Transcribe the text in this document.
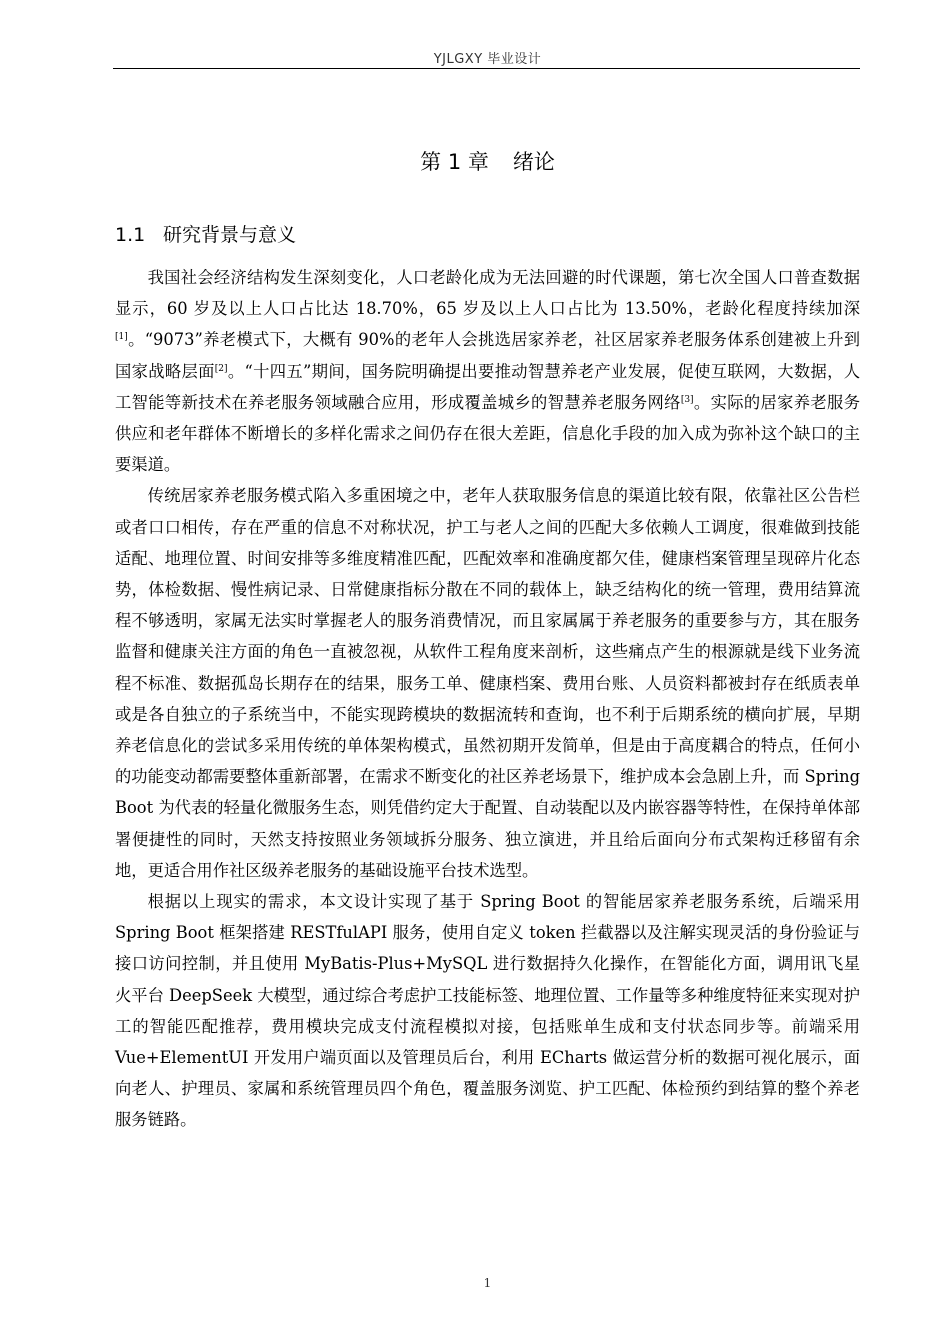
YJLGXY 毕业设计
第 1 章 绪论
1.1 研究背景与意义

我国社会经济结构发生深刻变化，人口老龄化成为无法回避的时代课题，第七次全国人口普查数据显示，60 岁及以上人口占比达 18.70%，65 岁及以上人口占比为 13.50%，老龄化程度持续加深[1]。“9073”养老模式下，大概有 90%的老年人会挑选居家养老，社区居家养老服务体系创建被上升到国家战略层面[2]。“十四五”期间，国务院明确提出要推动智慧养老产业发展，促使互联网，大数据，人工智能等新技术在养老服务领域融合应用，形成覆盖城乡的智慧养老服务网络[3]。实际的居家养老服务供应和老年群体不断增长的多样化需求之间仍存在很大差距，信息化手段的加入成为弥补这个缺口的主要渠道。

传统居家养老服务模式陷入多重困境之中，老年人获取服务信息的渠道比较有限，依靠社区公告栏或者口口相传，存在严重的信息不对称状况，护工与老人之间的匹配大多依赖人工调度，很难做到技能适配、地理位置、时间安排等多维度精准匹配，匹配效率和准确度都欠佳，健康档案管理呈现碎片化态势，体检数据、慢性病记录、日常健康指标分散在不同的载体上，缺乏结构化的统一管理，费用结算流程不够透明，家属无法实时掌握老人的服务消费情况，而且家属属于养老服务的重要参与方，其在服务监督和健康关注方面的角色一直被忽视，从软件工程角度来剖析，这些痛点产生的根源就是线下业务流程不标准、数据孤岛长期存在的结果，服务工单、健康档案、费用台账、人员资料都被封存在纸质表单或是各自独立的子系统当中，不能实现跨模块的数据流转和查询，也不利于后期系统的横向扩展，早期养老信息化的尝试多采用传统的单体架构模式，虽然初期开发简单，但是由于高度耦合的特点，任何小的功能变动都需要整体重新部署，在需求不断变化的社区养老场景下，维护成本会急剧上升，而 Spring Boot 为代表的轻量化微服务生态，则凭借约定大于配置、自动装配以及内嵌容器等特性，在保持单体部署便捷性的同时，天然支持按照业务领域拆分服务、独立演进，并且给后面向分布式架构迁移留有余地，更适合用作社区级养老服务的基础设施平台技术选型。

根据以上现实的需求，本文设计实现了基于 Spring Boot 的智能居家养老服务系统，后端采用 Spring Boot 框架搭建 RESTfulAPI 服务，使用自定义 token 拦截器以及注解实现灵活的身份验证与接口访问控制，并且使用 MyBatis-Plus+MySQL 进行数据持久化操作，在智能化方面，调用讯飞星火平台 DeepSeek 大模型，通过综合考虑护工技能标签、地理位置、工作量等多种维度特征来实现对护工的智能匹配推荐，费用模块完成支付流程模拟对接，包括账单生成和支付状态同步等。前端采用 Vue+ElementUI 开发用户端页面以及管理员后台，利用 ECharts 做运营分析的数据可视化展示，面向老人、护理员、家属和系统管理员四个角色，覆盖服务浏览、护工匹配、体检预约到结算的整个养老服务链路。

1
